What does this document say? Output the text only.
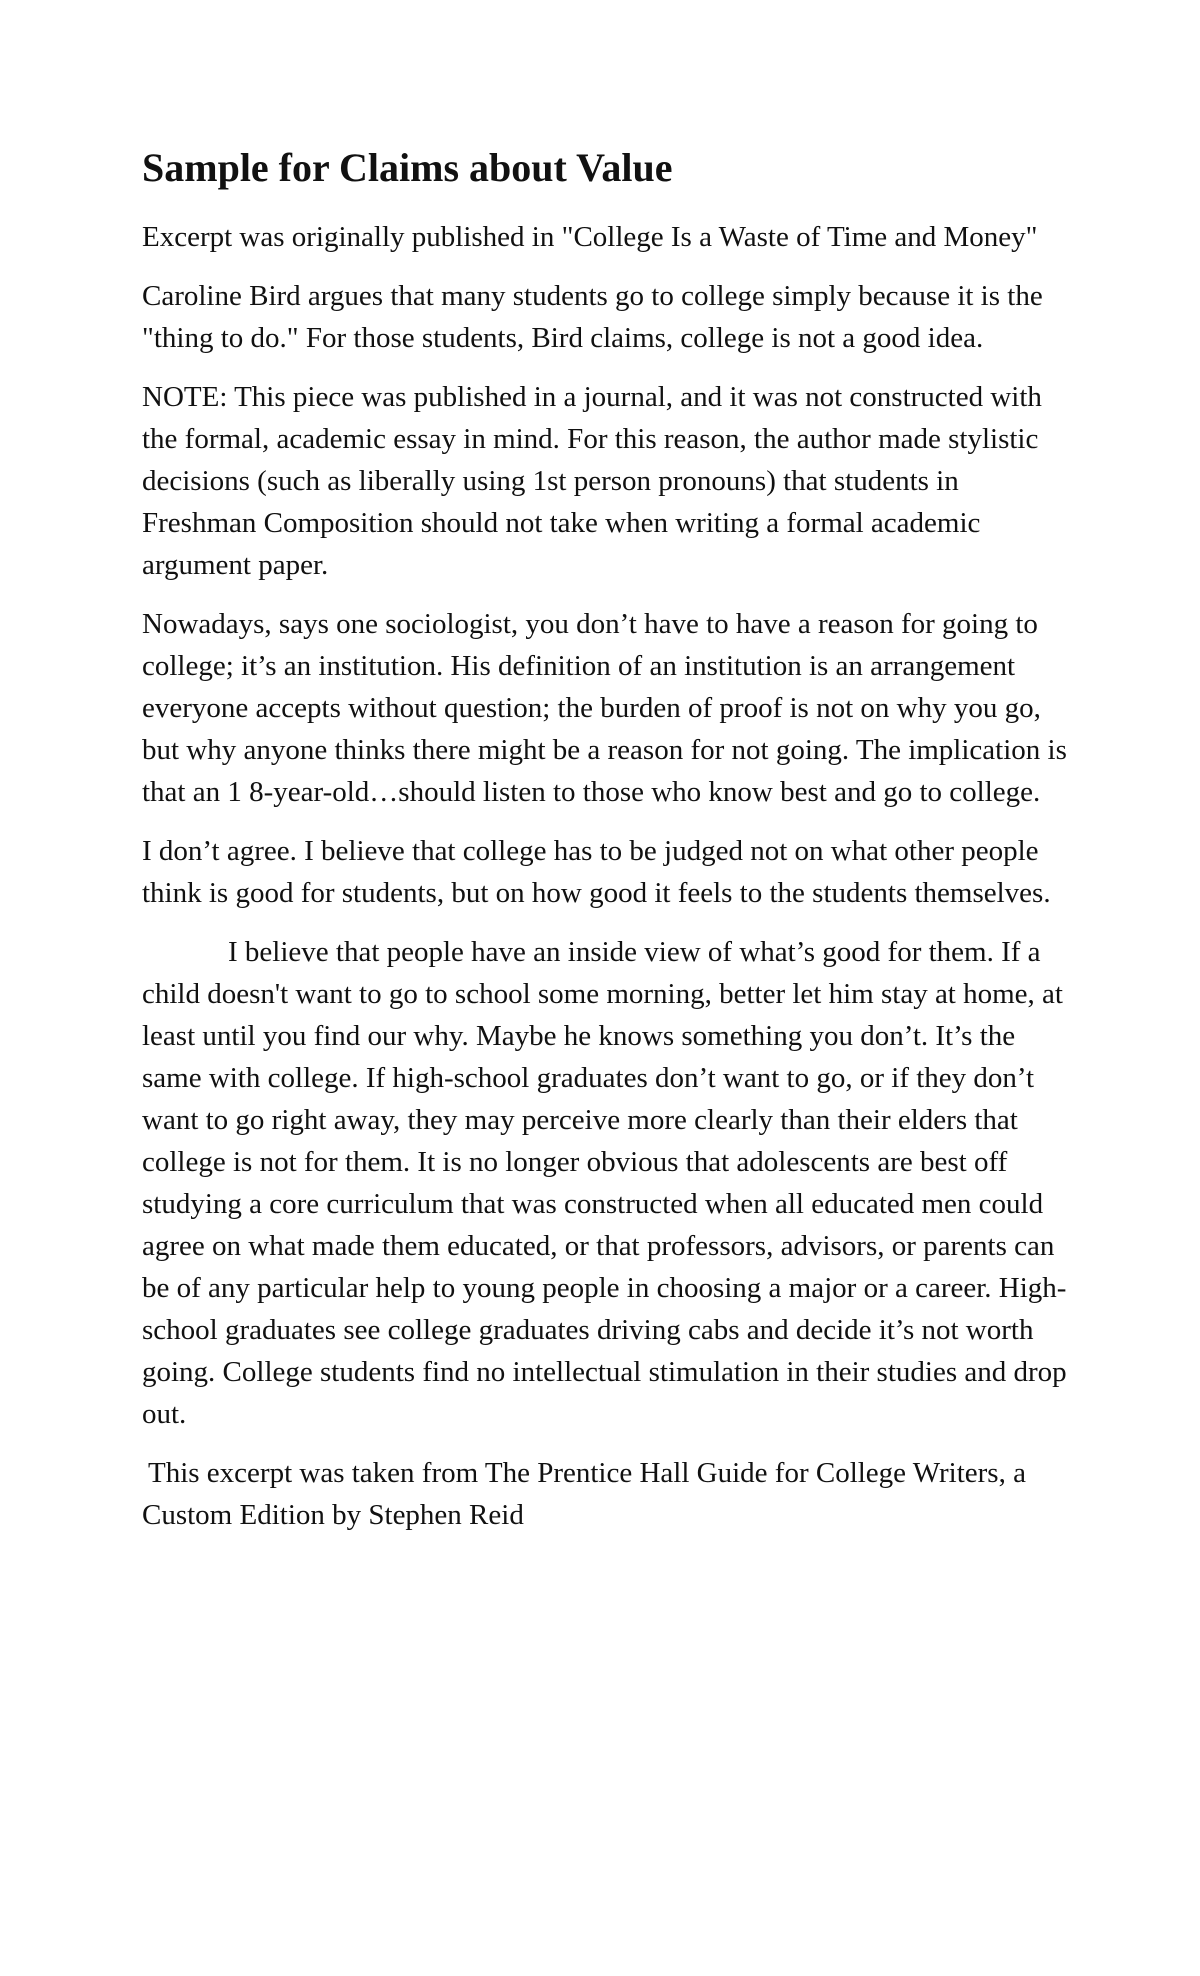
Sample for Claims about Value

Excerpt was originally published in "College Is a Waste of Time and Money"

Caroline Bird argues that many students go to college simply because it is the "thing to do." For those students, Bird claims, college is not a good idea.

NOTE: This piece was published in a journal, and it was not constructed with the formal, academic essay in mind. For this reason, the author made stylistic decisions (such as liberally using 1st person pronouns) that students in Freshman Composition should not take when writing a formal academic argument paper.

Nowadays, says one sociologist, you don’t have to have a reason for going to college; it’s an institution. His definition of an institution is an arrangement everyone accepts without question; the burden of proof is not on why you go, but why anyone thinks there might be a reason for not going. The implication is that an 1 8-year-old…should listen to those who know best and go to college.

I don’t agree. I believe that college has to be judged not on what other people think is good for students, but on how good it feels to the students themselves.

I believe that people have an inside view of what’s good for them. If a child doesn't want to go to school some morning, better let him stay at home, at least until you find our why. Maybe he knows something you don’t. It’s the same with college. If high-school graduates don’t want to go, or if they don’t want to go right away, they may perceive more clearly than their elders that college is not for them. It is no longer obvious that adolescents are best off studying a core curriculum that was constructed when all educated men could agree on what made them educated, or that professors, advisors, or parents can be of any particular help to young people in choosing a major or a career. High-school graduates see college graduates driving cabs and decide it’s not worth going. College students find no intellectual stimulation in their studies and drop out.

This excerpt was taken from The Prentice Hall Guide for College Writers, a Custom Edition by Stephen Reid
